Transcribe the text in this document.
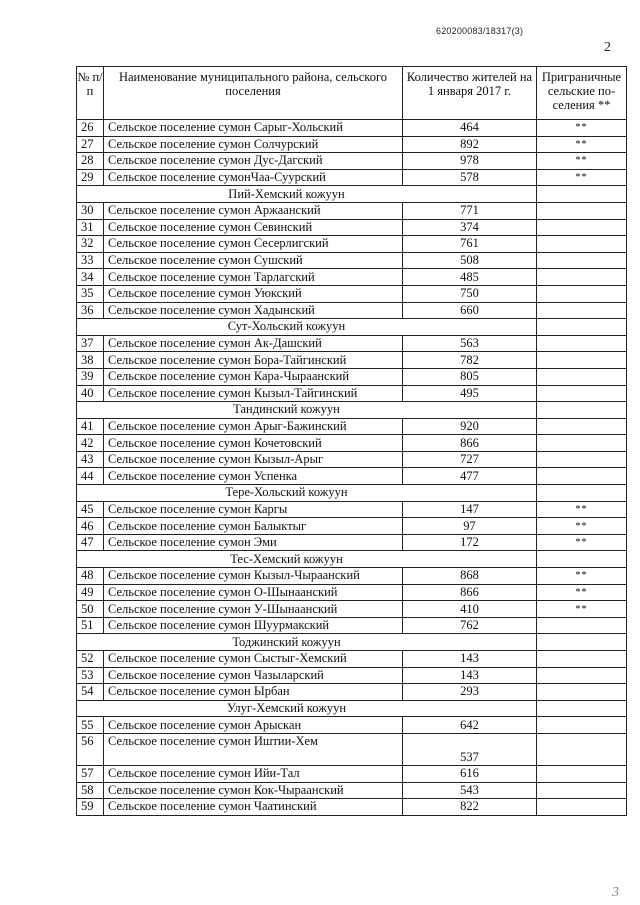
620200083/18317(3)
2
№ п/п	Наименование муниципального района, сельского поселения	Количество жителей на 1 января 2017 г.	Приграничные сельские по-селения **
26	Сельское поселение сумон Сарыг-Хольский	464	**
27	Сельское поселение сумон Солчурский	892	**
28	Сельское поселение сумон Дус-Дагский	978	**
29	Сельское поселение сумонЧаа-Суурский	578	**
Пий-Хемский кожуун			
30	Сельское поселение сумон Аржаанский	771	
31	Сельское поселение сумон Севинский	374	
32	Сельское поселение сумон Сесерлигский	761	
33	Сельское поселение сумон Сушский	508	
34	Сельское поселение сумон Тарлагский	485	
35	Сельское поселение сумон Уюкский	750	
36	Сельское поселение сумон Хадынский	660	
Сут-Хольский кожуун			
37	Сельское поселение сумон Ак-Дашский	563	
38	Сельское поселение сумон Бора-Тайгинский	782	
39	Сельское поселение сумон Кара-Чыраанский	805	
40	Сельское поселение сумон Кызыл-Тайгинский	495	
Тандинский кожуун			
41	Сельское поселение сумон Арыг-Бажинский	920	
42	Сельское поселение сумон Кочетовский	866	
43	Сельское поселение сумон Кызыл-Арыг	727	
44	Сельское поселение сумон Успенка	477	
Тере-Хольский кожуун			
45	Сельское поселение сумон Каргы	147	**
46	Сельское поселение сумон Балыктыг	97	**
47	Сельское поселение сумон Эми	172	**
Тес-Хемский кожуун			
48	Сельское поселение сумон Кызыл-Чыраанский	868	**
49	Сельское поселение сумон О-Шынаанский	866	**
50	Сельское поселение сумон У-Шынаанский	410	**
51	Сельское поселение сумон Шуурмакский	762	
Тоджинский кожуун			
52	Сельское поселение сумон Сыстыг-Хемский	143	
53	Сельское поселение сумон Чазыларский	143	
54	Сельское поселение сумон Ырбан	293	
Улуг-Хемский кожуун			
55	Сельское поселение сумон Арыскан	642	
56	Сельское поселение сумон Иштии-Хем	537	
57	Сельское поселение сумон Ийи-Тал	616	
58	Сельское поселение сумон Кок-Чыраанский	543	
59	Сельское поселение сумон Чаатинский	822	
3
